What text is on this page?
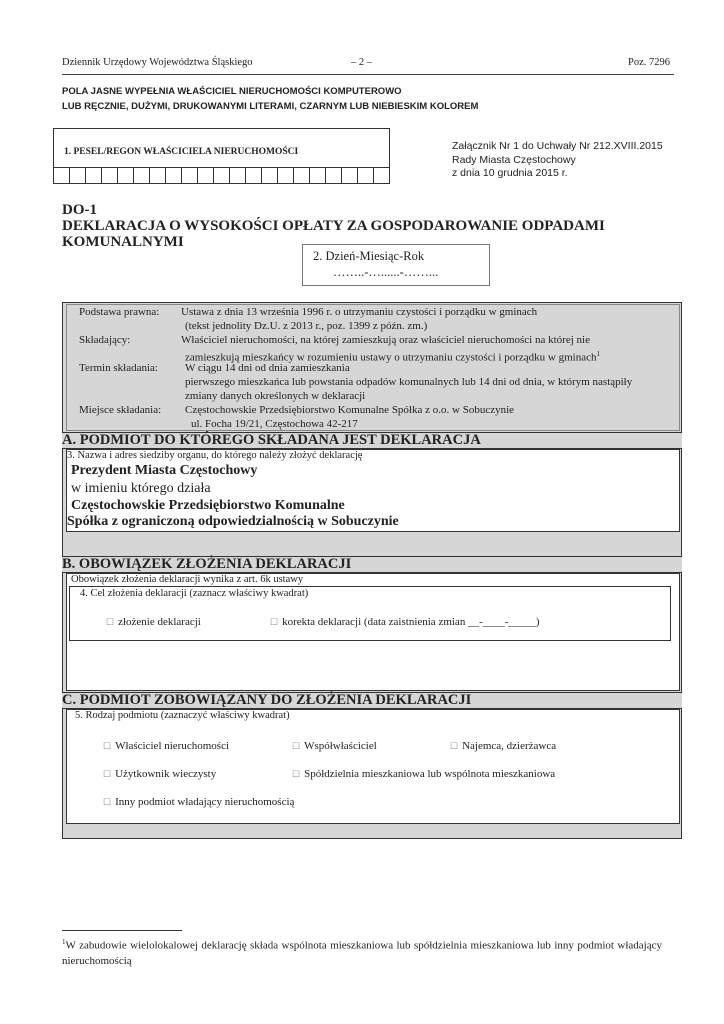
Dziennik Urzędowy Województwa Śląskiego	– 2 –	Poz. 7296
POLA JASNE WYPEŁNIA WŁAŚCICIEL NIERUCHOMOŚCI KOMPUTEROWO
LUB RĘCZNIE, DUŻYMI, DRUKOWANYMI LITERAMI, CZARNYM LUB NIEBIESKIM KOLOREM
1. PESEL/REGON WŁAŚCICIELA NIERUCHOMOŚCI	Załącznik Nr 1 do Uchwały Nr 212.XVIII.2015
Rady Miasta Częstochowy
z dnia 10 grudnia 2015 r.
DO-1
DEKLARACJA O WYSOKOŚCI OPŁATY ZA GOSPODAROWANIE ODPADAMI
KOMUNALNYMI
2. Dzień-Miesiąc-Rok
……..-…......-……...
Podstawa prawna: Ustawa z dnia 13 września 1996 r. o utrzymaniu czystości i porządku w gminach
(tekst jednolity Dz.U. z 2013 r., poz. 1399 z późn. zm.)
Składający:	Właściciel nieruchomości, na której zamieszkują oraz właściciel nieruchomości na której nie
zamieszkują mieszkańcy w rozumieniu ustawy o utrzymaniu czystości i porządku w gminach$^1$
Termin składania: W ciągu 14 dni od dnia zamieszkania
pierwszego mieszkańca lub powstania odpadów komunalnych lub 14 dni od dnia, w którym nastąpiły
zmiany danych określonych w deklaracji
Miejsce składania: Częstochowskie Przedsiębiorstwo Komunalne Spółka z o.o. w Sobuczynie
ul. Focha 19/21, Częstochowa 42-217
A. PODMIOT DO KTÓREGO SKŁADANA JEST DEKLARACJA
3. Nazwa i adres siedziby organu, do którego należy złożyć deklarację
Prezydent Miasta Częstochowy
w imieniu którego działa
Częstochowskie Przedsiębiorstwo Komunalne
Spółka z ograniczoną odpowiedzialnością w Sobuczynie
B. OBOWIĄZEK ZŁOŻENIA DEKLARACJI
Obowiązek złożenia deklaracji wynika z art. 6k ustawy
4. Cel złożenia deklaracji (zaznacz właściwy kwadrat)
☐ złożenie deklaracji	☐ korekta deklaracji (data zaistnienia zmian __-____-_____)
C. PODMIOT ZOBOWIĄZANY DO ZŁOŻENIA DEKLARACJI
5. Rodzaj podmiotu (zaznaczyć właściwy kwadrat)
☐ Właściciel nieruchomości	☐ Współwłaściciel	☐ Najemca, dzierżawca
☐ Użytkownik wieczysty	☐ Spółdzielnia mieszkaniowa lub wspólnota mieszkaniowa
☐ Inny podmiot władający nieruchomością
$^1$W zabudowie wielolokalowej deklarację składa wspólnota mieszkaniowa lub spółdzielnia mieszkaniowa lub inny podmiot władający nieruchomością
